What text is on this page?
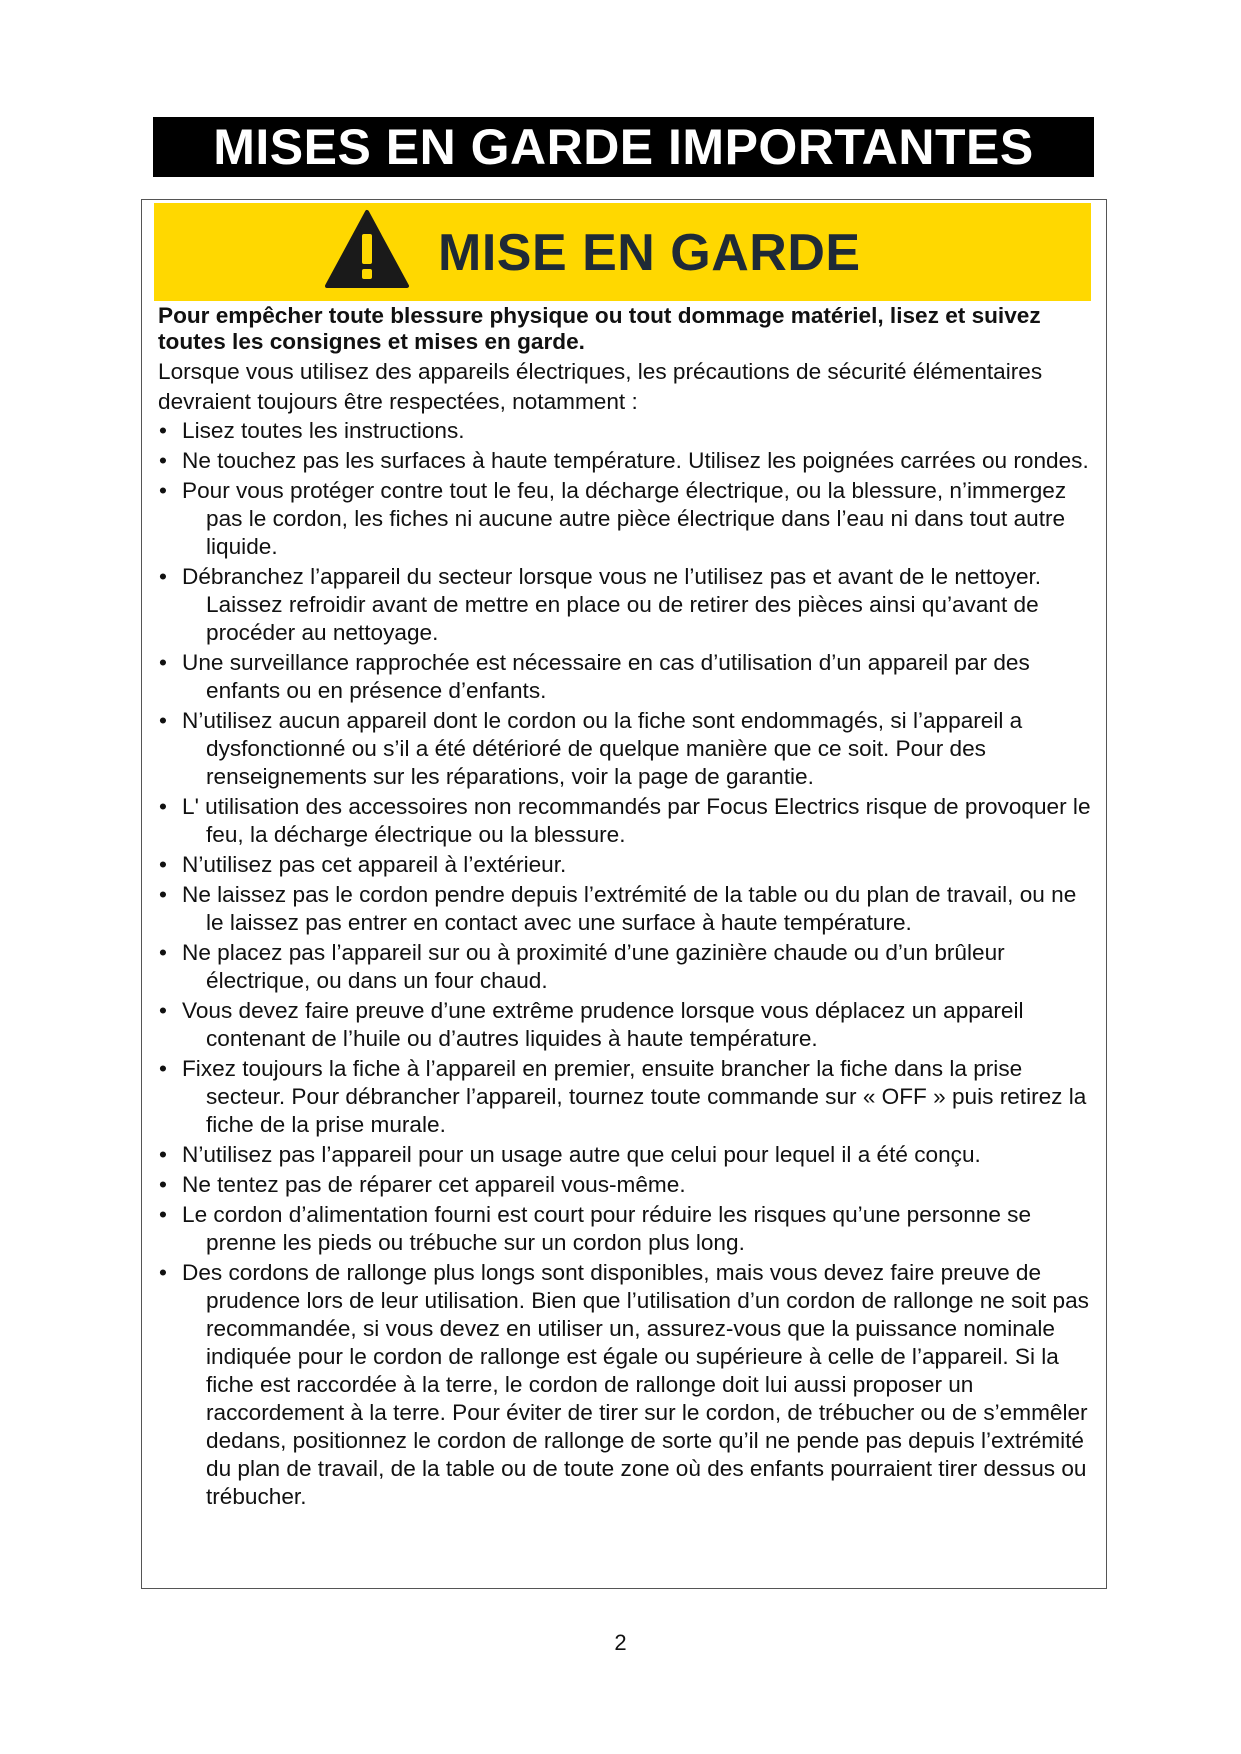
MISES EN GARDE IMPORTANTES
MISE EN GARDE

Pour empêcher toute blessure physique ou tout dommage matériel, lisez et suivez toutes les consignes et mises en garde.

Lorsque vous utilisez des appareils électriques, les précautions de sécurité élémentaires devraient toujours être respectées, notamment :

• Lisez toutes les instructions.
• Ne touchez pas les surfaces à haute température. Utilisez les poignées carrées ou rondes.
• Pour vous protéger contre tout le feu, la décharge électrique, ou la blessure, n’immergez pas le cordon, les fiches ni aucune autre pièce électrique dans l’eau ni dans tout autre liquide.
• Débranchez l’appareil du secteur lorsque vous ne l’utilisez pas et avant de le nettoyer. Laissez refroidir avant de mettre en place ou de retirer des pièces ainsi qu’avant de procéder au nettoyage.
• Une surveillance rapprochée est nécessaire en cas d’utilisation d’un appareil par des enfants ou en présence d’enfants.
• N’utilisez aucun appareil dont le cordon ou la fiche sont endommagés, si l’appareil a dysfonctionné ou s’il a été détérioré de quelque manière que ce soit. Pour des renseignements sur les réparations, voir la page de garantie.
• L' utilisation des accessoires non recommandés par Focus Electrics risque de provoquer le feu, la décharge électrique ou la blessure.
• N’utilisez pas cet appareil à l’extérieur.
• Ne laissez pas le cordon pendre depuis l’extrémité de la table ou du plan de travail, ou ne le laissez pas entrer en contact avec une surface à haute température.
• Ne placez pas l’appareil sur ou à proximité d’une gazinière chaude ou d’un brûleur électrique, ou dans un four chaud.
• Vous devez faire preuve d’une extrême prudence lorsque vous déplacez un appareil contenant de l’huile ou d’autres liquides à haute température.
• Fixez toujours la fiche à l’appareil en premier, ensuite brancher la fiche dans la prise secteur. Pour débrancher l’appareil, tournez toute commande sur « OFF » puis retirez la fiche de la prise murale.
• N’utilisez pas l’appareil pour un usage autre que celui pour lequel il a été conçu.
• Ne tentez pas de réparer cet appareil vous-même.
• Le cordon d’alimentation fourni est court pour réduire les risques qu’une personne se prenne les pieds ou trébuche sur un cordon plus long.
• Des cordons de rallonge plus longs sont disponibles, mais vous devez faire preuve de prudence lors de leur utilisation. Bien que l’utilisation d’un cordon de rallonge ne soit pas recommandée, si vous devez en utiliser un, assurez-vous que la puissance nominale indiquée pour le cordon de rallonge est égale ou supérieure à celle de l’appareil. Si la fiche est raccordée à la terre, le cordon de rallonge doit lui aussi proposer un raccordement à la terre. Pour éviter de tirer sur le cordon, de trébucher ou de s’emmêler dedans, positionnez le cordon de rallonge de sorte qu’il ne pende pas depuis l’extrémité du plan de travail, de la table ou de toute zone où des enfants pourraient tirer dessus ou trébucher.
2
